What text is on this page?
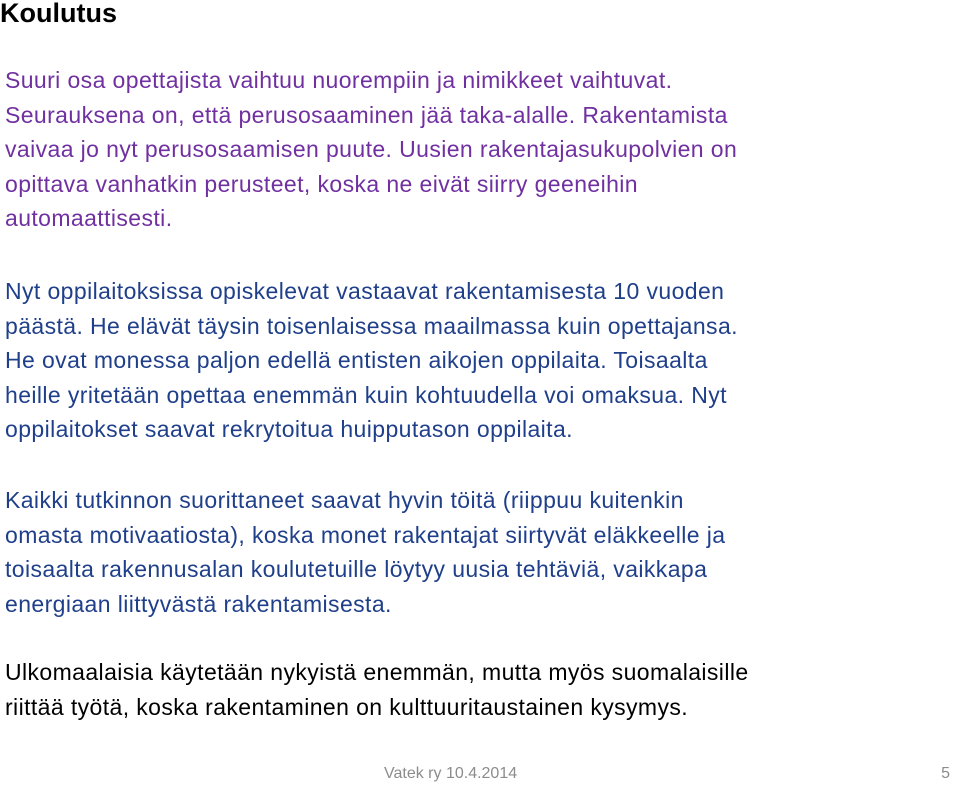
Koulutus
Suuri osa opettajista vaihtuu nuorempiin ja nimikkeet vaihtuvat.
Seurauksena on, että perusosaaminen jää taka-alalle. Rakentamista
vaivaa jo nyt perusosaamisen puute. Uusien rakentajasukupolvien on
opittava vanhatkin perusteet, koska ne eivät siirry geeneihin
automaattisesti.
Nyt oppilaitoksissa opiskelevat vastaavat rakentamisesta 10 vuoden
päästä. He elävät täysin toisenlaisessa maailmassa kuin opettajansa.
He ovat monessa paljon edellä entisten aikojen oppilaita. Toisaalta
heille yritetään opettaa enemmän kuin kohtuudella voi omaksua. Nyt
oppilaitokset saavat rekrytoitua huipputason oppilaita.
Kaikki tutkinnon suorittaneet saavat hyvin töitä (riippuu kuitenkin
omasta motivaatiosta), koska monet rakentajat siirtyvät eläkkeelle ja
toisaalta rakennusalan koulutetuille löytyy uusia tehtäviä, vaikkapa
energiaan liittyvästä rakentamisesta.
Ulkomaalaisia käytetään nykyistä enemmän, mutta myös suomalaisille
riittää työtä, koska rakentaminen on kulttuuritaustainen kysymys.
Vatek ry 10.4.2014	5
